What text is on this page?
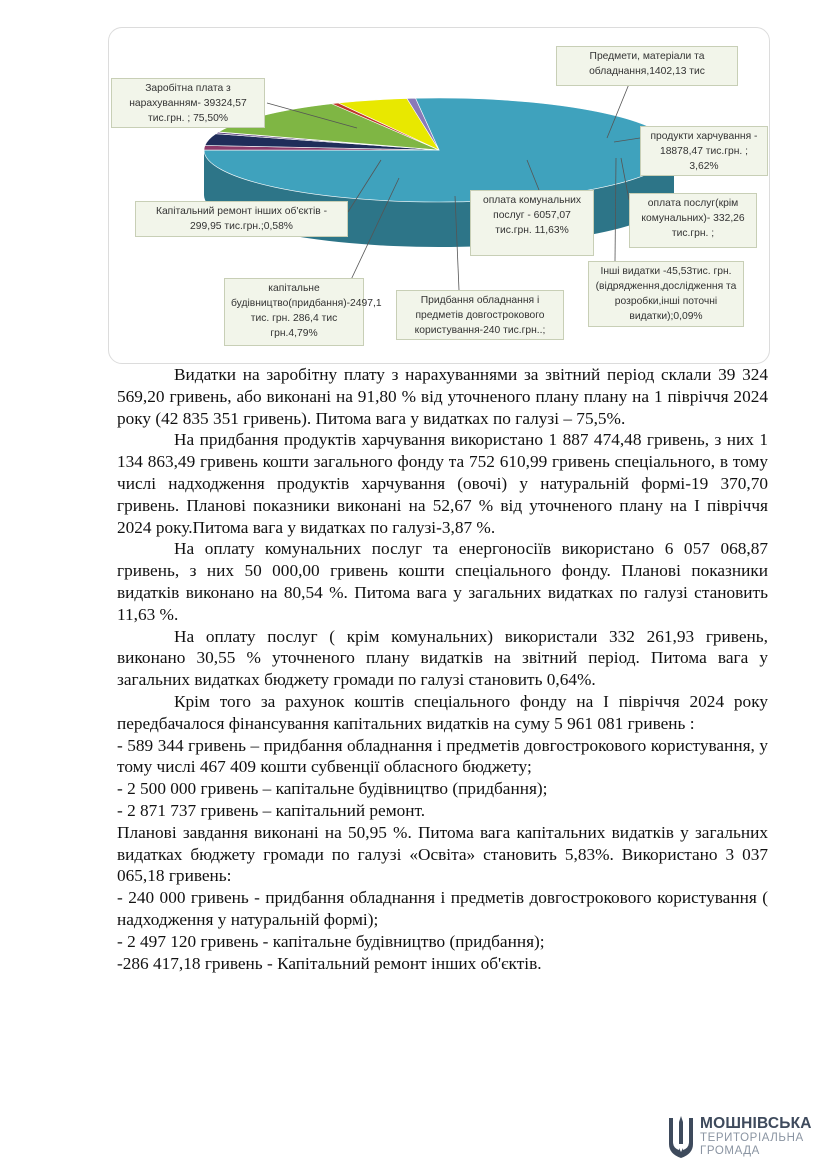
Заробітна плата з нарахуванням- 39324,57 тис.грн. ; 75,50%
Предмети, матеріали та обладнання,1402,13 тис
продукти харчування - 18878,47 тис.грн. ; 3,62%
оплата послуг(крім комунальних)- 332,26 тис.грн. ;
Інші видатки -45,53тис. грн. (відрядження,дослідження та розробки,інші поточні видатки);0,09%
оплата комунальних послуг - 6057,07 тис.грн. 11,63%
Придбання обладнання і предметів довгострокового користування-240 тис.грн..;
капітальне будівництво(придбання)-2497,1 тис. грн. 286,4 тис грн.4,79%
Капітальний ремонт інших об'єктів - 299,95 тис.грн.;0,58%

Видатки на заробітну плату з нарахуваннями за звітний період склали 39 324 569,20 гривень, або виконані на 91,80 % від уточненого плану плану на 1 півріччя 2024 року (42 835 351 гривень). Питома вага у видатках по галузі – 75,5%.

На придбання продуктів харчування використано 1 887 474,48 гривень, з них 1 134 863,49 гривень кошти загального фонду та 752 610,99 гривень спеціального, в тому числі надходження продуктів харчування (овочі) у натуральній формі-19 370,70 гривень. Планові показники виконані на 52,67 % від уточненого плану на І півріччя 2024 року.Питома вага у видатках по галузі-3,87 %.

На оплату комунальних послуг та енергоносіїв використано 6 057 068,87 гривень, з них 50 000,00 гривень кошти спеціального фонду. Планові показники видатків виконано на 80,54 %. Питома вага у загальних видатках по галузі становить 11,63 %.

На оплату послуг ( крім комунальних) використали 332 261,93 гривень, виконано 30,55 % уточненого плану видатків на звітний період. Питома вага у загальних видатках бюджету громади по галузі становить 0,64%.

Крім того за рахунок коштів спеціального фонду на І півріччя 2024 року передбачалося фінансування капітальних видатків на суму 5 961 081 гривень :

- 589 344 гривень – придбання обладнання і предметів довгострокового користування, у тому числі 467 409 кошти субвенції обласного бюджету;

- 2 500 000 гривень – капітальне будівництво (придбання);

- 2 871 737 гривень – капітальний ремонт.

Планові завдання виконані на 50,95 %. Питома вага капітальних видатків у загальних видатках бюджету громади по галузі «Освіта» становить 5,83%. Використано 3 037 065,18 гривень:

- 240 000 гривень - придбання обладнання і предметів довгострокового користування ( надходження у натуральній формі);

- 2 497 120 гривень - капітальне будівництво (придбання);

-286 417,18 гривень - Капітальний ремонт інших об'єктів.

МОШНІВСЬКА
ТЕРИТОРІАЛЬНА
ГРОМАДА
